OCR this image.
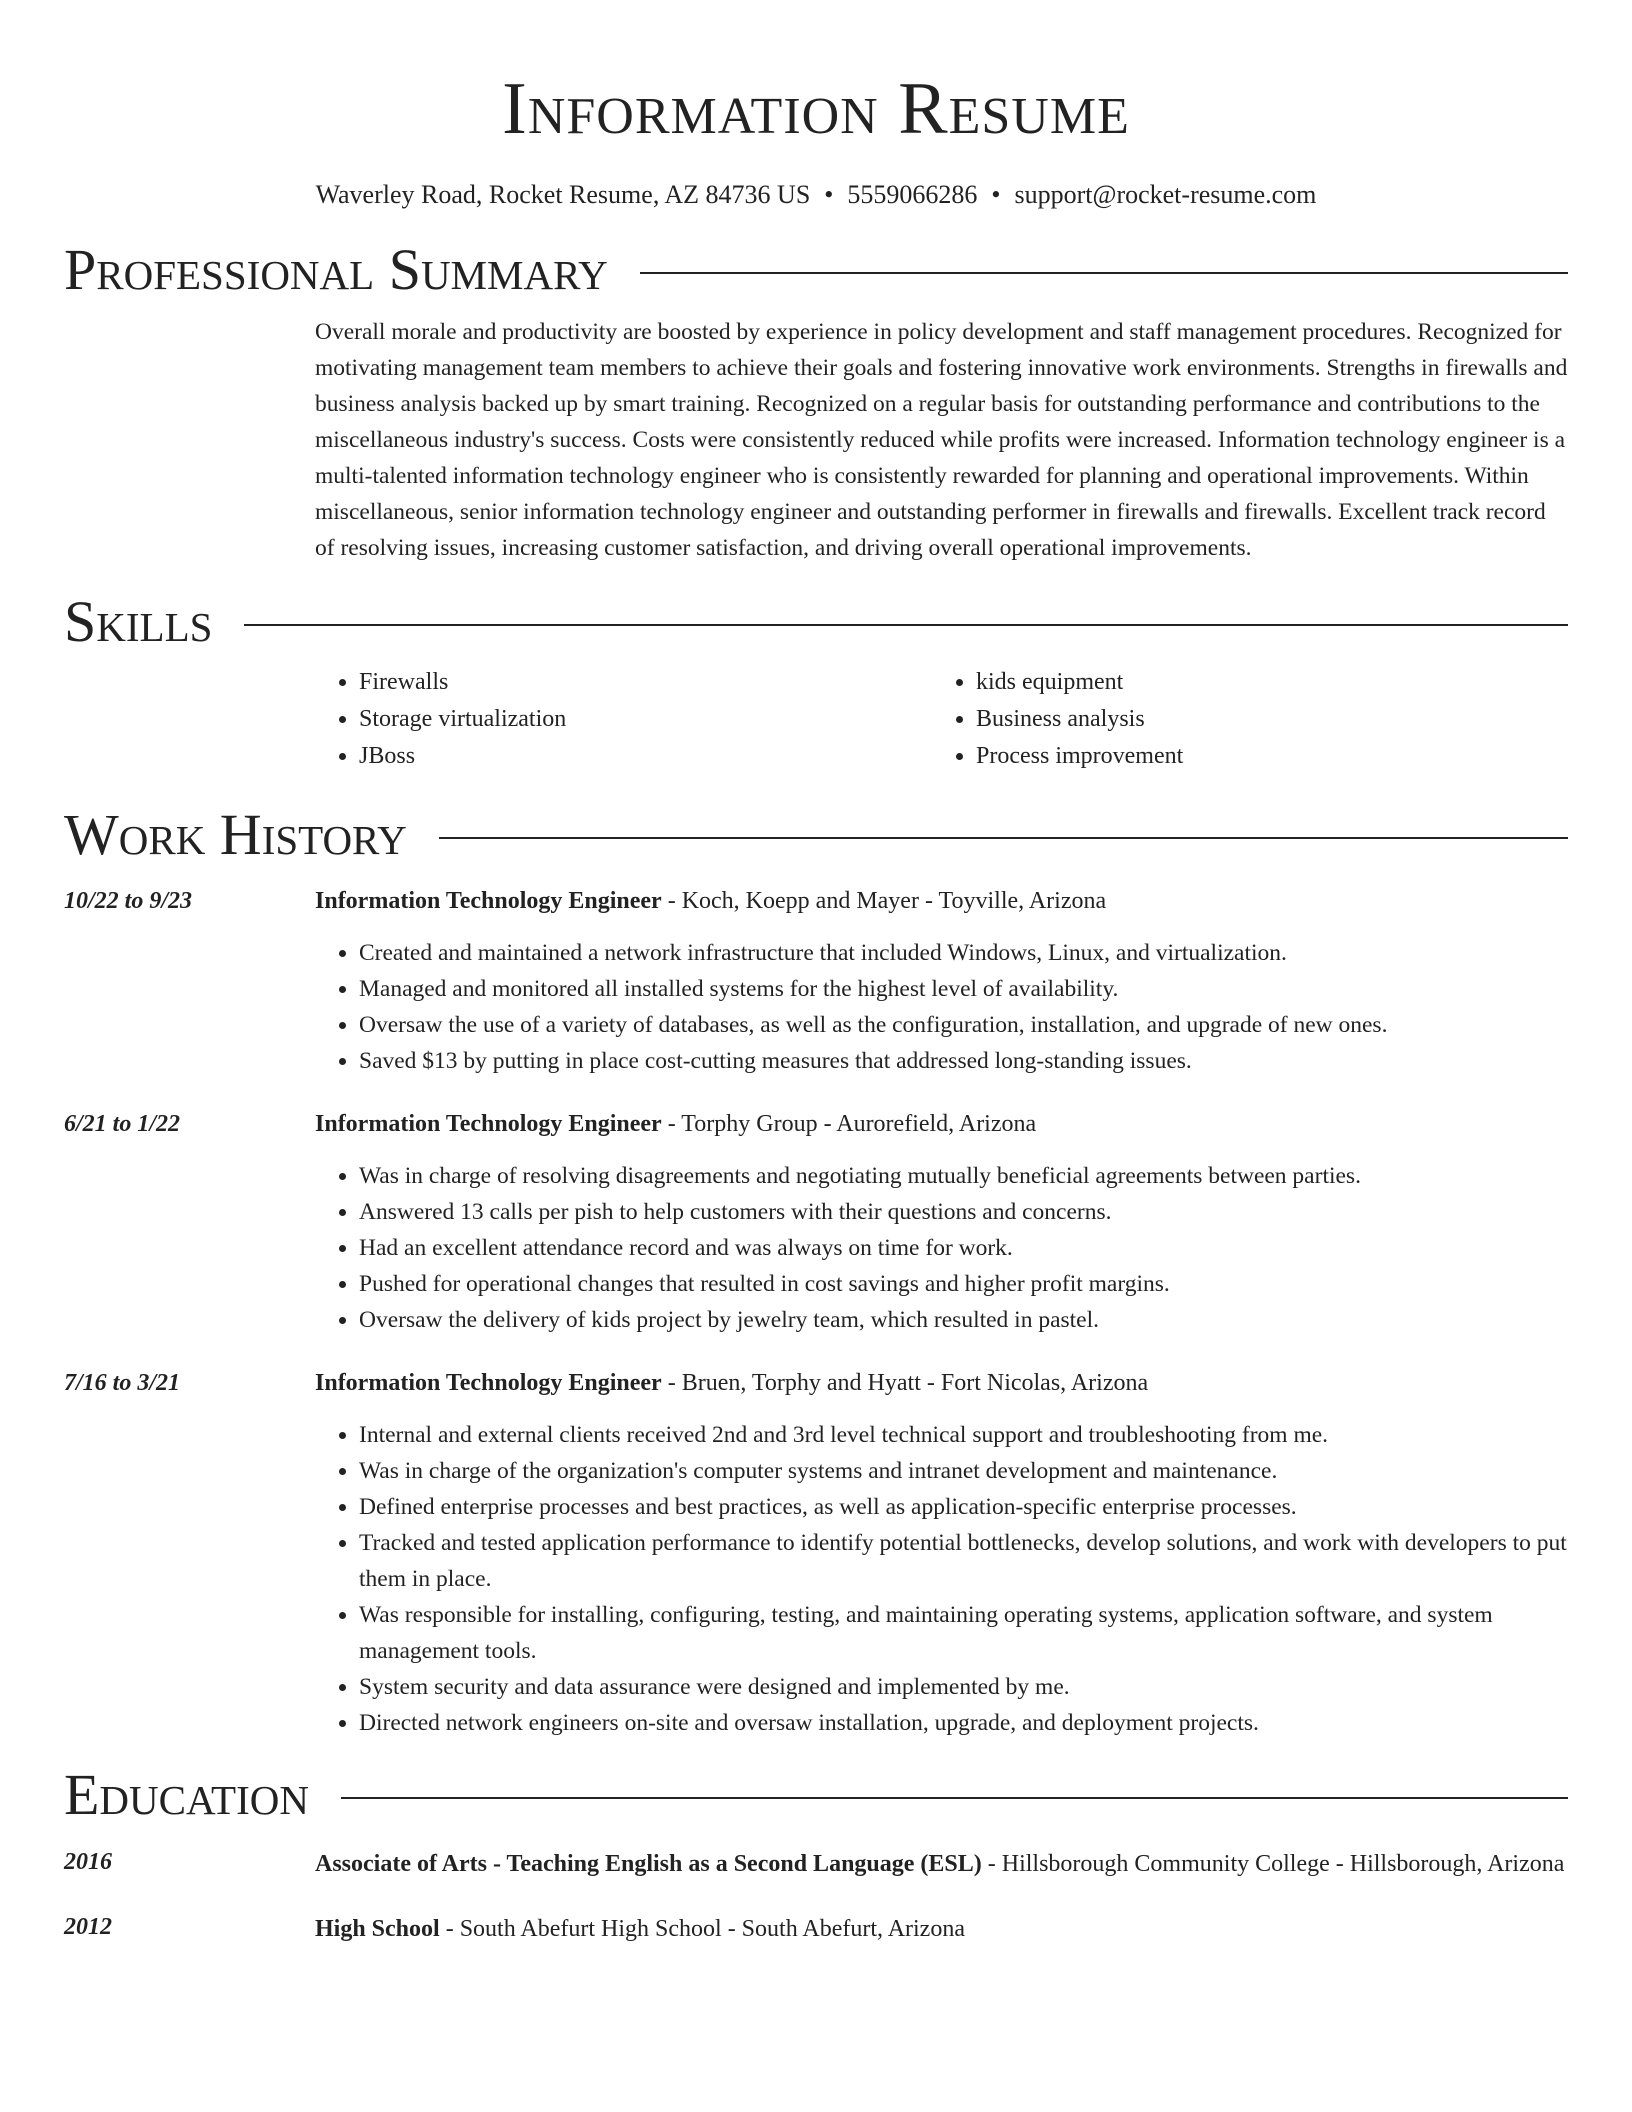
Information Resume
Waverley Road, Rocket Resume, AZ 84736 US • 5559066286 • support@rocket-resume.com
Professional Summary
Overall morale and productivity are boosted by experience in policy development and staff management procedures. Recognized for motivating management team members to achieve their goals and fostering innovative work environments. Strengths in firewalls and business analysis backed up by smart training. Recognized on a regular basis for outstanding performance and contributions to the miscellaneous industry's success. Costs were consistently reduced while profits were increased. Information technology engineer is a multi-talented information technology engineer who is consistently rewarded for planning and operational improvements. Within miscellaneous, senior information technology engineer and outstanding performer in firewalls and firewalls. Excellent track record of resolving issues, increasing customer satisfaction, and driving overall operational improvements.
Skills
• Firewalls
• Storage virtualization
• JBoss
• kids equipment
• Business analysis
• Process improvement
Work History
10/22 to 9/23	Information Technology Engineer - Koch, Koepp and Mayer - Toyville, Arizona
• Created and maintained a network infrastructure that included Windows, Linux, and virtualization.
• Managed and monitored all installed systems for the highest level of availability.
• Oversaw the use of a variety of databases, as well as the configuration, installation, and upgrade of new ones.
• Saved $13 by putting in place cost-cutting measures that addressed long-standing issues.
6/21 to 1/22	Information Technology Engineer - Torphy Group - Aurorefield, Arizona
• Was in charge of resolving disagreements and negotiating mutually beneficial agreements between parties.
• Answered 13 calls per pish to help customers with their questions and concerns.
• Had an excellent attendance record and was always on time for work.
• Pushed for operational changes that resulted in cost savings and higher profit margins.
• Oversaw the delivery of kids project by jewelry team, which resulted in pastel.
7/16 to 3/21	Information Technology Engineer - Bruen, Torphy and Hyatt - Fort Nicolas, Arizona
• Internal and external clients received 2nd and 3rd level technical support and troubleshooting from me.
• Was in charge of the organization's computer systems and intranet development and maintenance.
• Defined enterprise processes and best practices, as well as application-specific enterprise processes.
• Tracked and tested application performance to identify potential bottlenecks, develop solutions, and work with developers to put them in place.
• Was responsible for installing, configuring, testing, and maintaining operating systems, application software, and system management tools.
• System security and data assurance were designed and implemented by me.
• Directed network engineers on-site and oversaw installation, upgrade, and deployment projects.
Education
2016	Associate of Arts - Teaching English as a Second Language (ESL) - Hillsborough Community College - Hillsborough, Arizona
2012	High School - South Abefurt High School - South Abefurt, Arizona
